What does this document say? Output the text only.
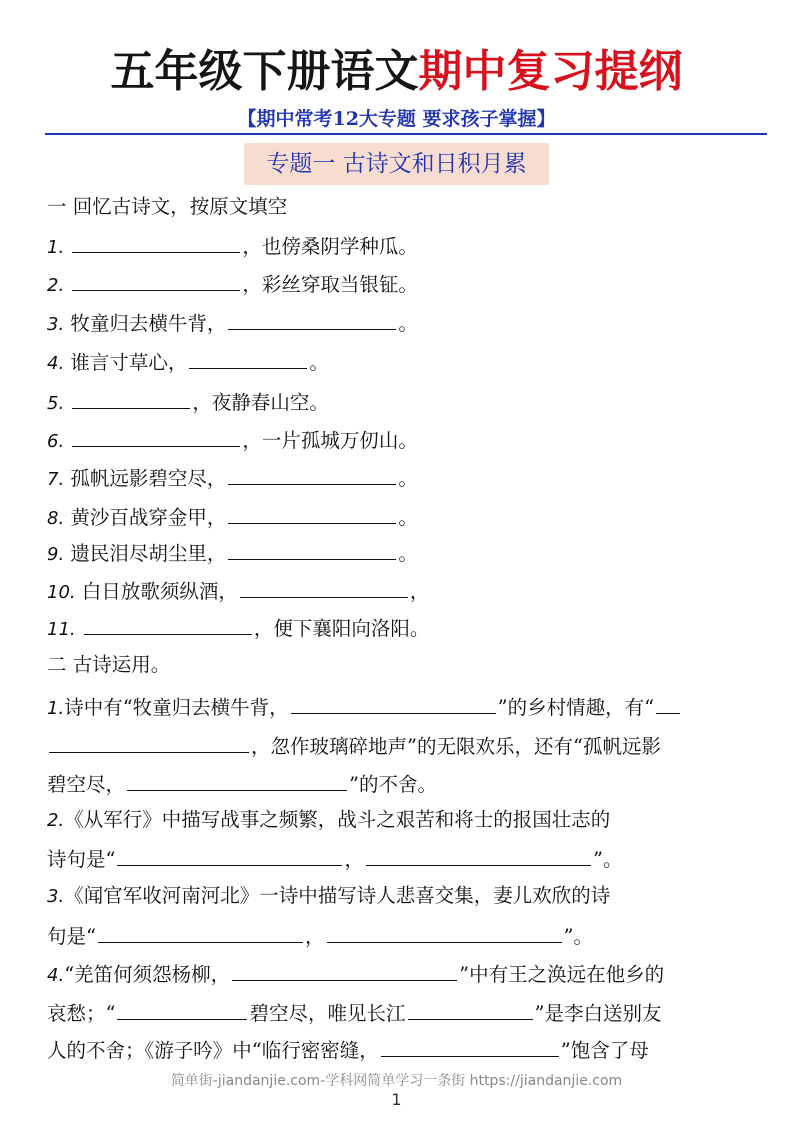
五年级下册语文期中复习提纲
【期中常考12大专题 要求孩子掌握】
专题一 古诗文和日积月累
一 回忆古诗文，按原文填空
1.	，也傍桑阴学种瓜。
2.	，彩丝穿取当银钲。
3. 牧童归去横牛背，	。
4. 谁言寸草心，	。
5.	，夜静春山空。
6.	，一片孤城万仞山。
7. 孤帆远影碧空尽，	。
8. 黄沙百战穿金甲，	。
9. 遗民泪尽胡尘里，	。
10. 白日放歌须纵酒，	，
11.	，便下襄阳向洛阳。
二 古诗运用。
1.诗中有“牧童归去横牛背，	”的乡村情趣，有“
，忽作玻璃碎地声”的无限欢乐，还有“孤帆远影
碧空尽，	”的不舍。
2.《从军行》中描写战事之频繁，战斗之艰苦和将士的报国壮志的
诗句是“	，	”。
3.《闻官军收河南河北》一诗中描写诗人悲喜交集，妻儿欢欣的诗
句是“	，	”。
4.“羌笛何须怨杨柳，	”中有王之涣远在他乡的
哀愁；“	碧空尽，唯见长江	”是李白送别友
人的不舍；《游子吟》中“临行密密缝，	”饱含了母
简单街-jiandanjie.com-学科网简单学习一条街 https://jiandanjie.com
1
